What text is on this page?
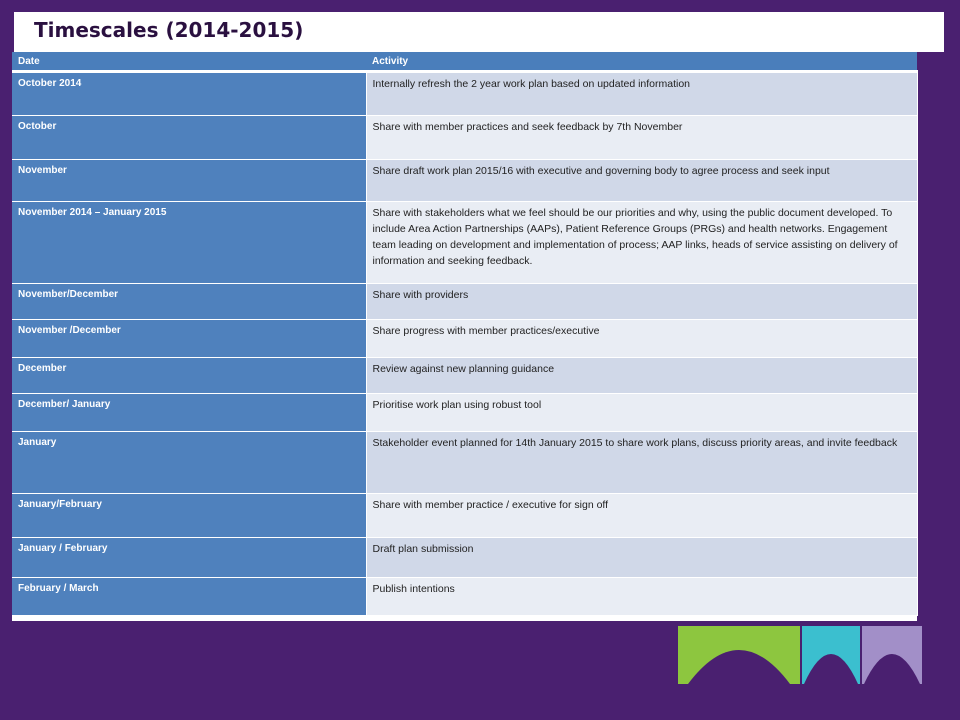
Timescales (2014-2015)
Date	Activity
October 2014	Internally refresh the 2 year work plan based on updated information
October	Share with member practices and seek feedback by 7th November
November	Share draft work plan 2015/16 with executive and governing body to agree process and seek input
November 2014 – January 2015	Share with stakeholders what we feel should be our priorities and why, using the public document developed. To include Area Action Partnerships (AAPs), Patient Reference Groups (PRGs) and health networks. Engagement team leading on development and implementation of process; AAP links, heads of service assisting on delivery of information and seeking feedback.
November/December	Share with providers
November /December	Share progress with member practices/executive
December	Review against new planning guidance
December/ January	Prioritise work plan using robust tool
January	Stakeholder event planned for 14th January 2015 to share work plans, discuss priority areas, and invite feedback
January/February	Share with member practice / executive for sign off
January / February	Draft plan submission
February / March	Publish intentions
